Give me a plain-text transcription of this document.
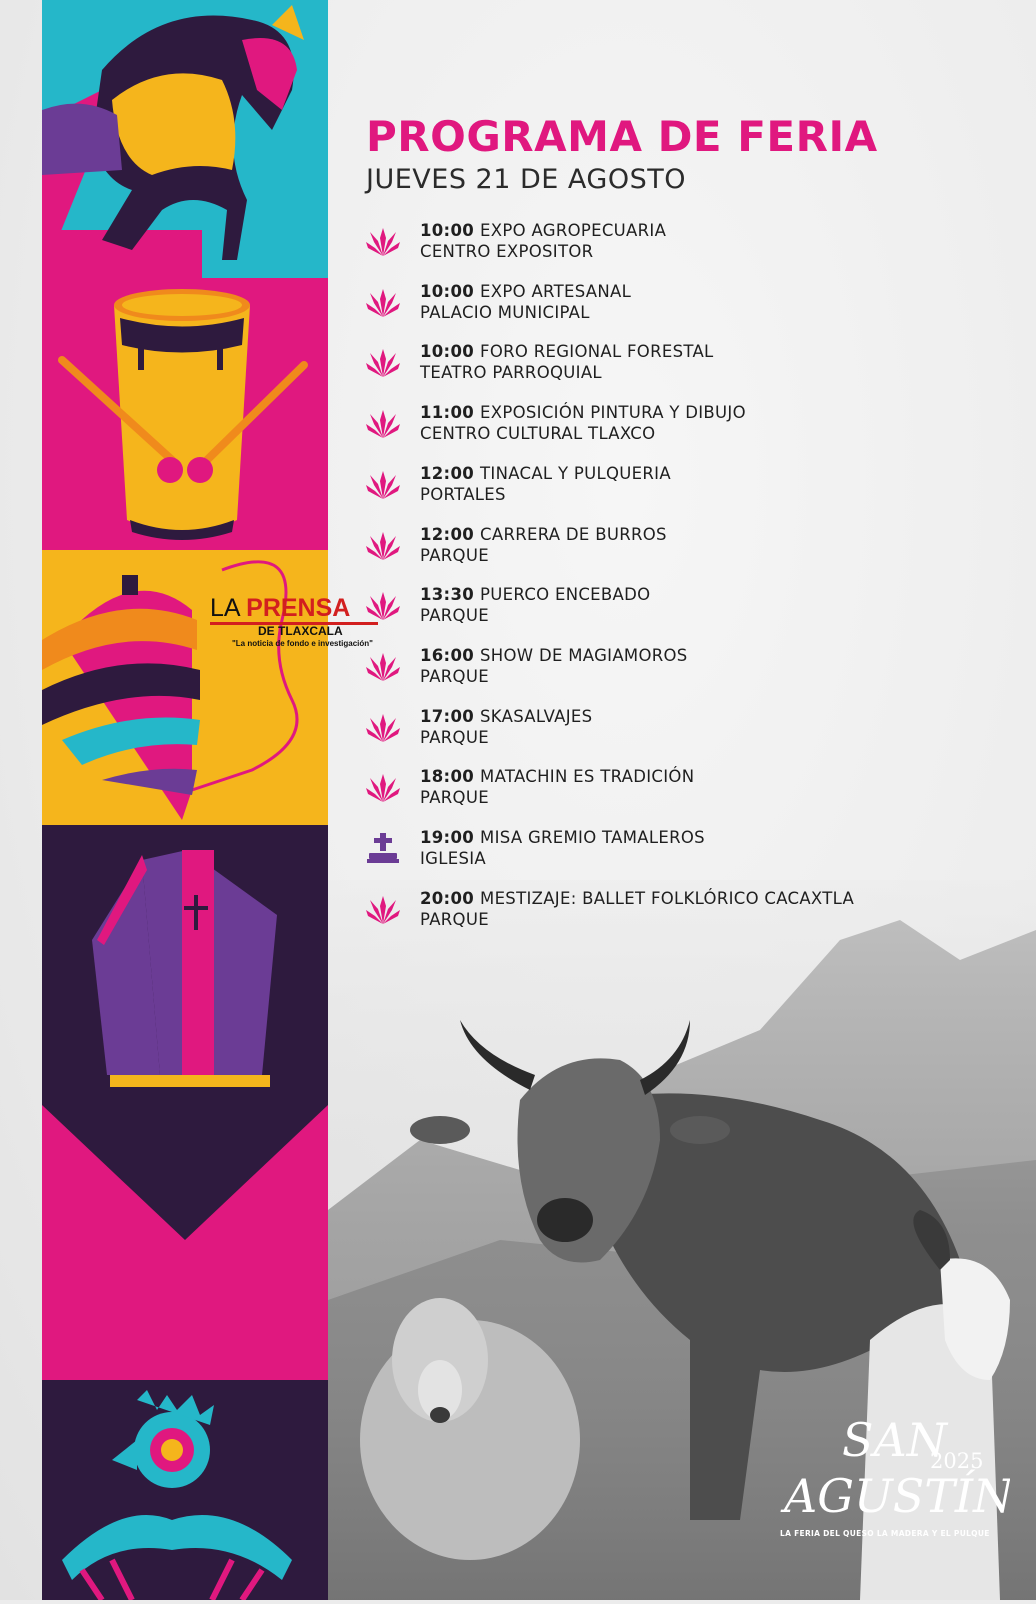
PROGRAMA DE FERIA
JUEVES 21 DE AGOSTO
10:00 EXPO AGROPECUARIA
CENTRO EXPOSITOR
10:00 EXPO ARTESANAL
PALACIO MUNICIPAL
10:00 FORO REGIONAL FORESTAL
TEATRO PARROQUIAL
11:00 EXPOSICIÓN PINTURA Y DIBUJO
CENTRO CULTURAL TLAXCO
12:00 TINACAL Y PULQUERIA
PORTALES
12:00 CARRERA DE BURROS
PARQUE
13:30 PUERCO ENCEBADO
PARQUE
16:00 SHOW DE MAGIAMOROS
PARQUE
17:00 SKASALVAJES
PARQUE
18:00 MATACHIN ES TRADICIÓN
PARQUE
19:00 MISA GREMIO TAMALEROS
IGLESIA
20:00 MESTIZAJE: BALLET FOLKLÓRICO CACAXTLA
PARQUE
LA PRENSA
DE TLAXCALA
"La noticia de fondo e investigación"
SAN
AGUSTÍN
2025
LA FERIA DEL QUESO LA MADERA Y EL PULQUE
